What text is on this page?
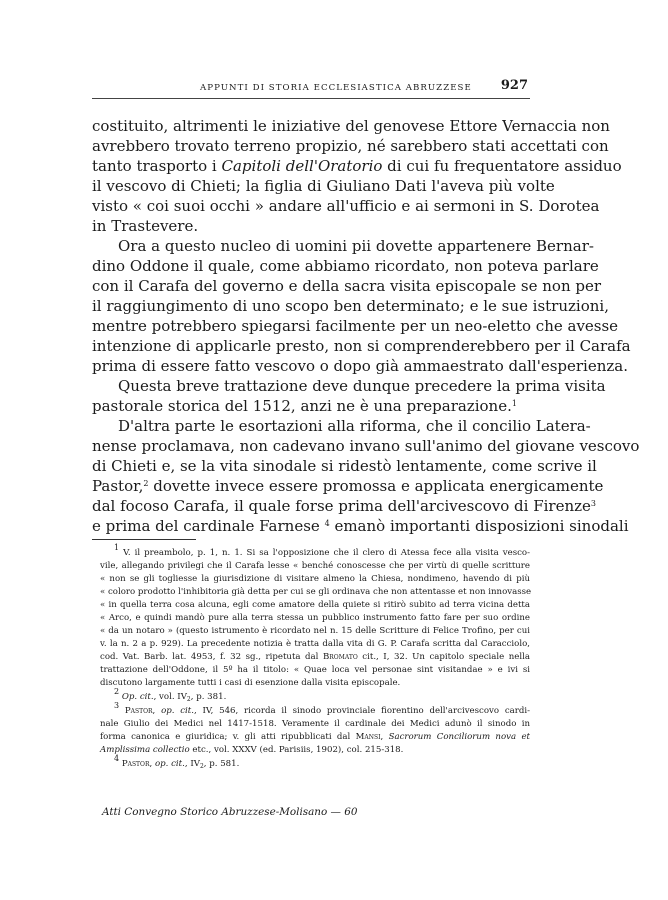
APPUNTI DI STORIA ECCLESIASTICA ABRUZZESE 927
costituito, altrimenti le iniziative del genovese Ettore Vernaccia non
avrebbero trovato terreno propizio, né sarebbero stati accettati con
tanto trasporto i Capitoli dell'Oratorio di cui fu frequentatore assiduo
il vescovo di Chieti; la figlia di Giuliano Dati l'aveva più volte
visto « coi suoi occhi » andare all'ufficio e ai sermoni in S. Dorotea
in Trastevere.
Ora a questo nucleo di uomini pii dovette appartenere Bernar-
dino Oddone il quale, come abbiamo ricordato, non poteva parlare
con il Carafa del governo e della sacra visita episcopale se non per
il raggiungimento di uno scopo ben determinato; e le sue istruzioni,
mentre potrebbero spiegarsi facilmente per un neo-eletto che avesse
intenzione di applicarle presto, non si comprenderebbero per il Carafa
prima di essere fatto vescovo o dopo già ammaestrato dall'esperienza.
Questa breve trattazione deve dunque precedere la prima visita
pastorale storica del 1512, anzi ne è una preparazione.$^1$
D'altra parte le esortazioni alla riforma, che il concilio Latera-
nense proclamava, non cadevano invano sull'animo del giovane vescovo
di Chieti e, se la vita sinodale si ridestò lentamente, come scrive il
Pastor,$^2$ dovette invece essere promossa e applicata energicamente
dal focoso Carafa, il quale forse prima dell'arcivescovo di Firenze$^3$
e prima del cardinale Farnese $^4$ emanò importanti disposizioni sinodali
$^1$ V. il preambolo, p. 1, n. 1. Si sa l'opposizione che il clero di Atessa fece alla visita vesco-
vile, allegando privilegi che il Carafa lesse « benché conoscesse che per virtù di quelle scritture
« non se gli togliesse la giurisdizione di visitare almeno la Chiesa, nondimeno, havendo di più
« coloro prodotto l'inhibitoria già detta per cui se gli ordinava che non attentasse et non innovasse
« in quella terra cosa alcuna, egli come amatore della quiete si ritirò subito ad terra vicina detta
« Arco, e quindi mandò pure alla terra stessa un pubblico instrumento fatto fare per suo ordine
« da un notaro » (questo istrumento è ricordato nel n. 15 delle Scritture di Felice Trofino, per cui
v. la n. 2 a p. 929). La precedente notizia è tratta dalla vita di G. P. Carafa scritta dal Caracciolo,
cod. Vat. Barb. lat. 4953, f. 32 sg., ripetuta dal Bromato cit., I, 32. Un capitolo speciale nella
trattazione dell'Oddone, il 5º ha il titolo: « Quae loca vel personae sint visitandae » e ivi si
discutono largamente tutti i casi di esenzione dalla visita episcopale.
$^2$ Op. cit., vol. $IV_2$, p. 381.
$^3$ Pastor, op. cit., IV, 546, ricorda il sinodo provinciale fiorentino dell'arcivescovo cardi-
nale Giulio dei Medici nel 1417-1518. Veramente il cardinale dei Medici adunò il sinodo in
forma canonica e giuridica; v. gli atti ripubblicati dal Mansi, Sacrorum Conciliorum nova et
Amplissima collectio etc., vol. XXXV (ed. Parisiis, 1902), col. 215-318.
$^4$ Pastor, op. cit., $IV_2$, p. 581.
Atti Convegno Storico Abruzzese-Molisano — 60
